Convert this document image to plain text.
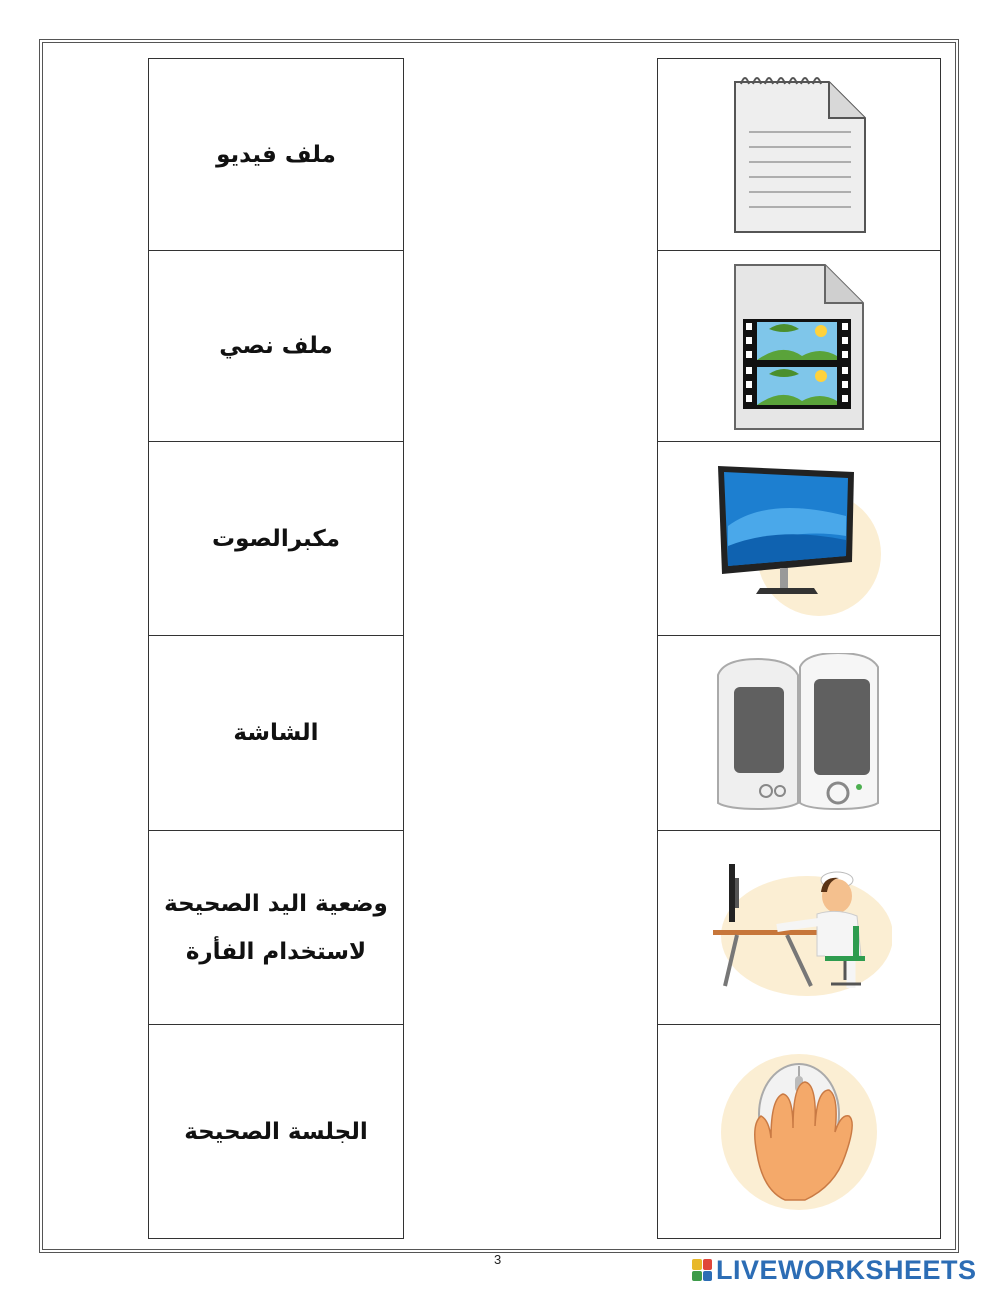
ملف فيديو
ملف نصي
مكبرالصوت
الشاشة
وضعية اليد الصحيحة لاستخدام الفأرة
الجلسة الصحيحة
3	LIVEWORKSHEETS
